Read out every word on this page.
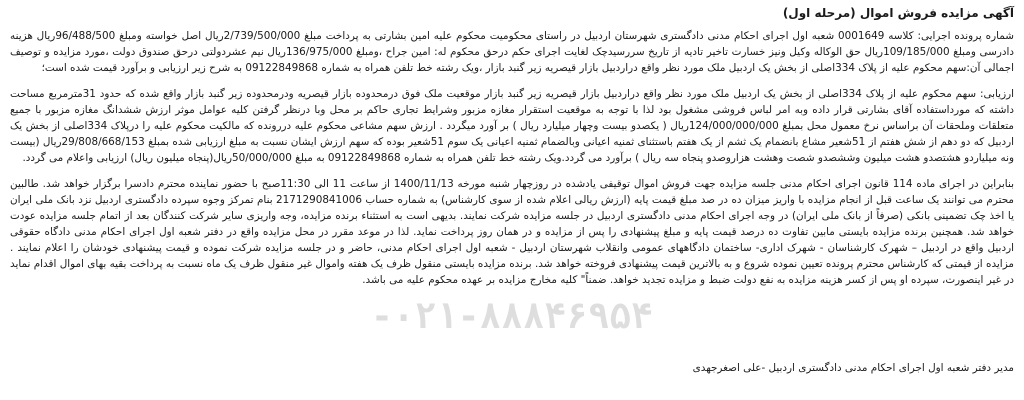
آگهی مزایده فروش اموال (مرحله اول)

شماره پرونده اجرایی: کلاسه 0001649 شعبه اول اجرای احکام مدنی دادگستری شهرستان اردبیل در راستای محکومیت محکوم علیه امین بشارتی به پرداخت مبلغ 2/739/500/000ریال اصل خواسته ومبلغ 96/488/500ریال هزینه دادرسی ومبلغ 109/185/000ریال حق الوکاله وکیل ونیز خسارت تاخیر تادیه از تاریخ سررسیدچک لغایت اجرای حکم درحق محکوم له: امین جراح ،ومبلغ 136/975/000ریال نیم عشردولتی درحق صندوق دولت ،مورد مزایده و توصیف اجمالی آن:سهم محکوم علیه از پلاک 334اصلی از بخش یک اردبیل ملک مورد نظر واقع دراردبیل بازار قیصریه زیر گنبد بازار ،ویک رشته خط تلفن همراه به شماره 09122849868 به شرح زیر ارزیابی و برآورد قیمت شده است؛

ارزیابی: سهم محکوم علیه از پلاک 334اصلی از بخش یک اردبیل ملک مورد نظر واقع دراردبیل بازار قیصریه زیر گنبد بازار موقعیت ملک فوق درمحدوده بازار قیصریه ودرمحدوده زیر گنبد بازار واقع شده که حدود 31مترمربع مساحت داشته که مورداستفاده آقای بشارتی قرار داده وبه امر لباس فروشی مشغول بود لذا با توجه به موقعیت استقرار مغازه مزبور وشرایط تجاری حاکم بر محل وبا درنظر گرفتن کلیه عوامل موثر ارزش ششدانگ مغازه مزبور با جمیع متعلقات وملحقات آن براساس نرخ معمول محل بمبلغ 124/000/000/000ریال ( یکصدو بیست وچهار میلیارد ریال ) بر آورد میگردد . ارزش سهم مشاعی محکوم علیه دررونده که مالکیت محکوم علیه را درپلاک 334اصلی از بخش یک اردبیل که دو دهم از شش هفتم از 51شعیر مشاع بانضمام یک ثشم از یک هفتم باستثنای ثمنیه اعیانی وبالضمام ثمنیه اعیانی یک سوم 51شعیر بوده که سهم ارزش ایشان نسبت به مبلغ ارزیابی شده بمبلغ 29/808/668/153ریال (بیست ونه میلیاردو هشتصدو هشت میلیون وششصدو شصت وهشت هزاروصدو پنجاه سه ریال ) برآورد می گردد.ویک رشته خط تلفن همراه به شماره 09122849868 به مبلغ 50/000/000ریال(پنجاه میلیون ریال) ارزیابی واعلام می گردد.

بنابراین در اجرای ماده 114 قانون اجرای احکام مدنی جلسه مزایده جهت فروش اموال توقیفی یادشده در روزچهار شنبه مورخه 1400/11/13 از ساعت 11 الی 11:30صبح با حضور نماینده محترم دادسرا برگزار خواهد شد. طالبین محترم می توانند یک ساعت قبل از انجام مزایده با واریز میزان ده در صد مبلغ قیمت پایه (ارزش ریالی اعلام شده از سوی کارشناس) به شماره حساب 2171290841006 بنام تمرکز وجوه سپرده دادگستری اردبیل نزد بانک ملی ایران یا اخذ چک تضمینی بانکی (صرفاً از بانک ملی ایران) در وجه اجرای احکام مدنی دادگستری اردبیل در جلسه مزایده شرکت نمایند. بدیهی است به استثناء برنده مزایده، وجه واریزی سایر شرکت کنندگان بعد از اتمام جلسه مزایده عودت خواهد شد. همچنین برنده مزایده بایستی مابین تفاوت ده درصد قیمت پایه و مبلغ پیشنهادی را پس از مزایده و در همان روز پرداخت نماید. لذا در موعد مقرر در محل مزایده واقع در دفتر شعبه اول اجرای احکام مدنی دادگاه حقوقی اردبیل واقع در اردبیل – شهرک کارشناسان - شهرک اداری- ساختمان دادگاههای عمومی وانقلاب شهرستان اردبیل - شعبه اول اجرای احکام مدنی، حاضر و در جلسه مزایده شرکت نموده و قیمت پیشنهادی خودشان را اعلام نمایند . مزایده از قیمتی که کارشناس محترم پرونده تعیین نموده شروع و به بالاترین قیمت پیشنهادی فروخته خواهد شد. برنده مزایده بایستی منقول ظرف یک هفته واموال غیر منقول ظرف یک ماه نسبت به پرداخت بقیه بهای اموال اقدام نماید در غیر اینصورت، سپرده او پس از کسر هزینه مزایده به نفع دولت ضبط و مزایده تجدید خواهد. ضمناً" کلیه مخارج مزایده بر عهده محکوم علیه می باشد.

-۰۲۱-۸۸۸۴۶۹۵۴
مدیر دفتر شعبه اول اجرای احکام مدنی دادگستری اردبیل -علی اصغرجهدی
